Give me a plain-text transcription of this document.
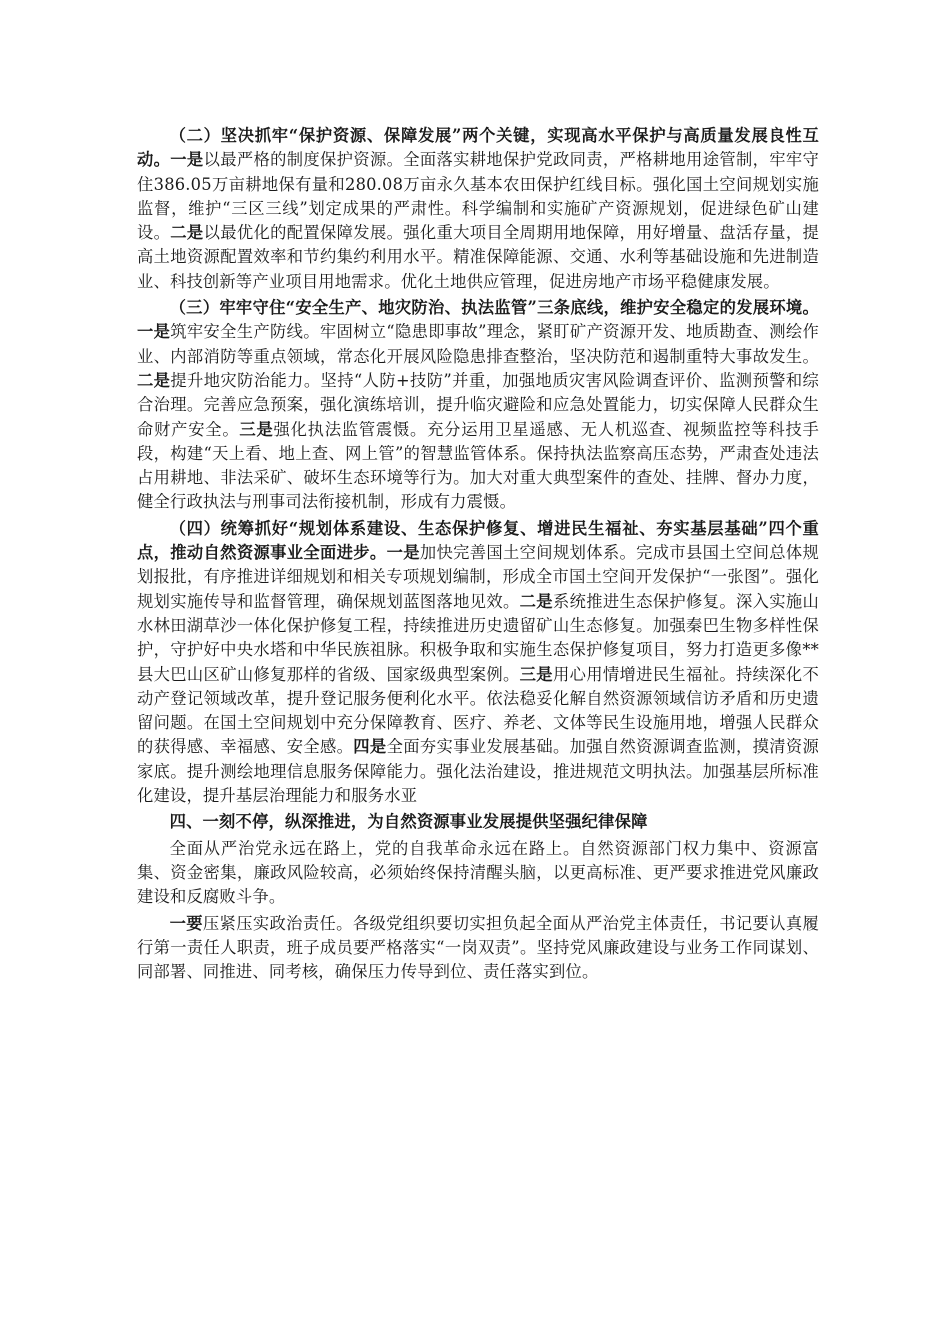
（二）坚决抓牢“保护资源、保障发展”两个关键，实现高水平保护与高质量发展良性互动。一是以最严格的制度保护资源。全面落实耕地保护党政同责，严格耕地用途管制，牢牢守住386.05万亩耕地保有量和280.08万亩永久基本农田保护红线目标。强化国土空间规划实施监督，维护“三区三线”划定成果的严肃性。科学编制和实施矿产资源规划，促进绿色矿山建设。二是以最优化的配置保障发展。强化重大项目全周期用地保障，用好增量、盘活存量，提高土地资源配置效率和节约集约利用水平。精准保障能源、交通、水利等基础设施和先进制造业、科技创新等产业项目用地需求。优化土地供应管理，促进房地产市场平稳健康发展。

（三）牢牢守住“安全生产、地灾防治、执法监管”三条底线，维护安全稳定的发展环境。一是筑牢安全生产防线。牢固树立“隐患即事故”理念，紧盯矿产资源开发、地质勘查、测绘作业、内部消防等重点领域，常态化开展风险隐患排查整治，坚决防范和遏制重特大事故发生。二是提升地灾防治能力。坚持“人防+技防”并重，加强地质灾害风险调查评价、监测预警和综合治理。完善应急预案，强化演练培训，提升临灾避险和应急处置能力，切实保障人民群众生命财产安全。三是强化执法监管震慑。充分运用卫星遥感、无人机巡查、视频监控等科技手段，构建“天上看、地上查、网上管”的智慧监管体系。保持执法监察高压态势，严肃查处违法占用耕地、非法采矿、破坏生态环境等行为。加大对重大典型案件的查处、挂牌、督办力度，健全行政执法与刑事司法衔接机制，形成有力震慑。

（四）统筹抓好“规划体系建设、生态保护修复、增进民生福祉、夯实基层基础”四个重点，推动自然资源事业全面进步。一是加快完善国土空间规划体系。完成市县国土空间总体规划报批，有序推进详细规划和相关专项规划编制，形成全市国土空间开发保护“一张图”。强化规划实施传导和监督管理，确保规划蓝图落地见效。二是系统推进生态保护修复。深入实施山水林田湖草沙一体化保护修复工程，持续推进历史遗留矿山生态修复。加强秦巴生物多样性保护，守护好中央水塔和中华民族祖脉。积极争取和实施生态保护修复项目，努力打造更多像**县大巴山区矿山修复那样的省级、国家级典型案例。三是用心用情增进民生福祉。持续深化不动产登记领域改革，提升登记服务便利化水平。依法稳妥化解自然资源领域信访矛盾和历史遗留问题。在国土空间规划中充分保障教育、医疗、养老、文体等民生设施用地，增强人民群众的获得感、幸福感、安全感。四是全面夯实事业发展基础。加强自然资源调查监测，摸清资源家底。提升测绘地理信息服务保障能力。强化法治建设，推进规范文明执法。加强基层所标准化建设，提升基层治理能力和服务水亚

四、一刻不停，纵深推进，为自然资源事业发展提供坚强纪律保障

全面从严治党永远在路上，党的自我革命永远在路上。自然资源部门权力集中、资源富集、资金密集，廉政风险较高，必须始终保持清醒头脑，以更高标准、更严要求推进党风廉政建设和反腐败斗争。

一要压紧压实政治责任。各级党组织要切实担负起全面从严治党主体责任，书记要认真履行第一责任人职责，班子成员要严格落实“一岗双责”。坚持党风廉政建设与业务工作同谋划、同部署、同推进、同考核，确保压力传导到位、责任落实到位。
